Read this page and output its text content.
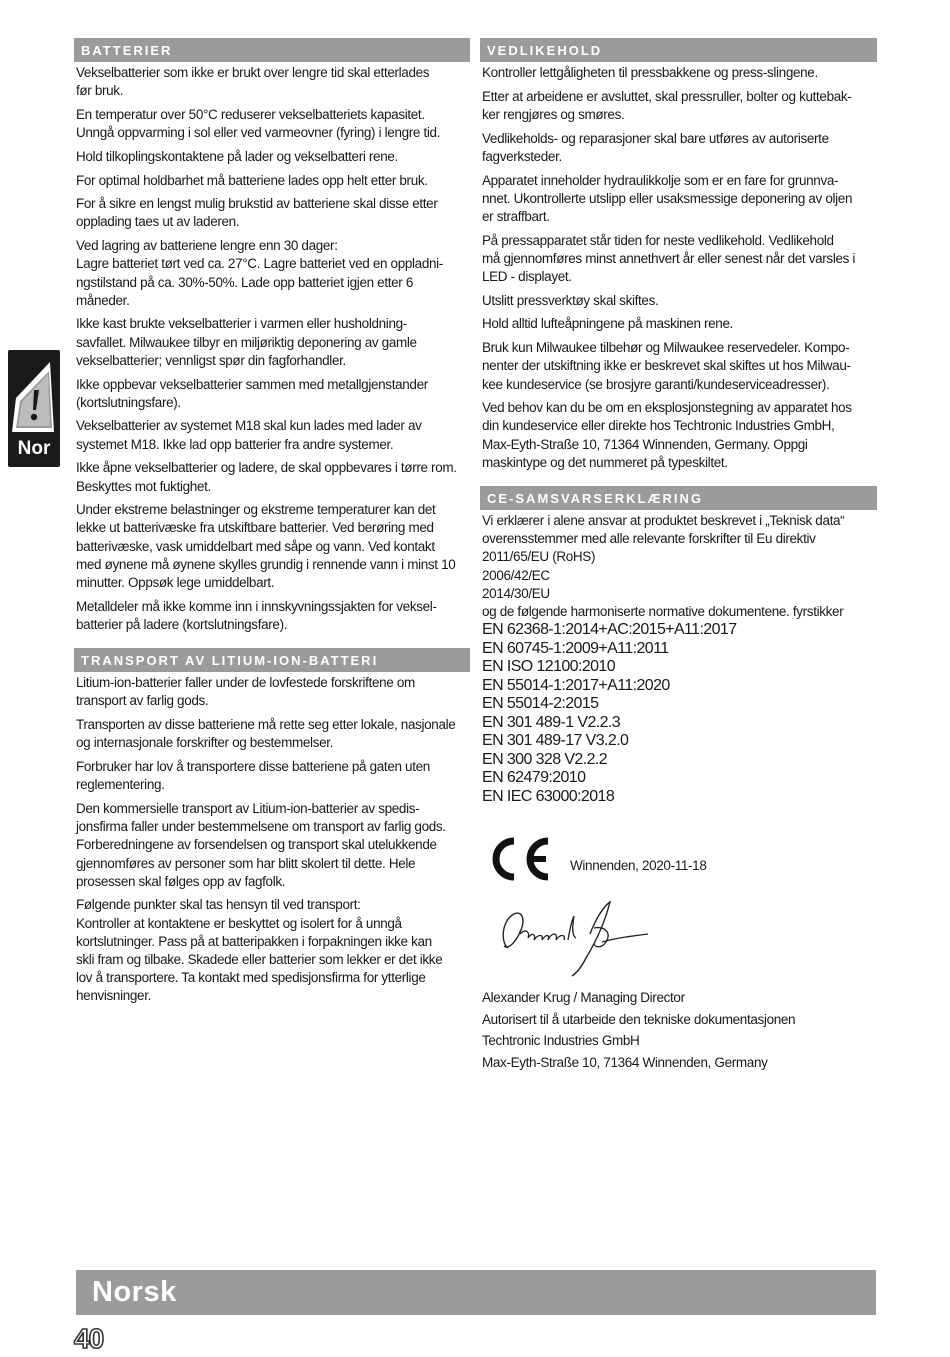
Nor
BATTERIER

Vekselbatterier som ikke er brukt over lengre tid skal etterlades
før bruk.

En temperatur over 50°C reduserer vekselbatteriets kapasitet.
Unngå oppvarming i sol eller ved varmeovner (fyring) i lengre tid.

Hold tilkoplingskontaktene på lader og vekselbatteri rene.

For optimal holdbarhet må batteriene lades opp helt etter bruk.

For å sikre en lengst mulig brukstid av batteriene skal disse etter
opplading taes ut av laderen.

Ved lagring av batteriene lengre enn 30 dager:
Lagre batteriet tørt ved ca. 27°C. Lagre batteriet ved en oppladni-
ngstilstand på ca. 30%-50%. Lade opp batteriet igjen etter 6
måneder.

Ikke kast brukte vekselbatterier i varmen eller husholdning-
savfallet. Milwaukee tilbyr en miljøriktig deponering av gamle
vekselbatterier; vennligst spør din fagforhandler.

Ikke oppbevar vekselbatterier sammen med metallgjenstander
(kortslutningsfare).

Vekselbatterier av systemet M18 skal kun lades med lader av
systemet M18. Ikke lad opp batterier fra andre systemer.

Ikke åpne vekselbatterier og ladere, de skal oppbevares i tørre rom.
Beskyttes mot fuktighet.

Under ekstreme belastninger og ekstreme temperaturer kan det
lekke ut batterivæske fra utskiftbare batterier. Ved berøring med
batterivæske, vask umiddelbart med såpe og vann. Ved kontakt
med øynene må øynene skylles grundig i rennende vann i minst 10
minutter. Oppsøk lege umiddelbart.

Metalldeler må ikke komme inn i innskyvningssjakten for veksel-
batterier på ladere (kortslutningsfare).

TRANSPORT AV LITIUM-ION-BATTERI

Litium-ion-batterier faller under de lovfestede forskriftene om
transport av farlig gods.

Transporten av disse batteriene må rette seg etter lokale, nasjonale
og internasjonale forskrifter og bestemmelser.

Forbruker har lov å transportere disse batteriene på gaten uten
reglementering.

Den kommersielle transport av Litium-ion-batterier av spedis-
jonsfirma faller under bestemmelsene om transport av farlig gods.
Forberedningene av forsendelsen og transport skal utelukkende
gjennomføres av personer som har blitt skolert til dette. Hele
prosessen skal følges opp av fagfolk.

Følgende punkter skal tas hensyn til ved transport:
Kontroller at kontaktene er beskyttet og isolert for å unngå
kortslutninger. Pass på at batteripakken i forpakningen ikke kan
skli fram og tilbake. Skadede eller batterier som lekker er det ikke
lov å transportere. Ta kontakt med spedisjonsfirma for ytterlige
henvisninger.

VEDLIKEHOLD

Kontroller lettgåligheten til pressbakkene og press-slingene.

Etter at arbeidene er avsluttet, skal pressruller, bolter og kuttebak-
ker rengjøres og smøres.

Vedlikeholds- og reparasjoner skal bare utføres av autoriserte
fagverksteder.

Apparatet inneholder hydraulikkolje som er en fare for grunnva-
nnet. Ukontrollerte utslipp eller usaksmessige deponering av oljen
er straffbart.

På pressapparatet står tiden for neste vedlikehold. Vedlikehold
må gjennomføres minst annethvert år eller senest når det varsles i
LED - displayet.

Utslitt pressverktøy skal skiftes.

Hold alltid lufteåpningene på maskinen rene.

Bruk kun Milwaukee tilbehør og Milwaukee reservedeler. Kompo-
nenter der utskiftning ikke er beskrevet skal skiftes ut hos Milwau-
kee kundeservice (se brosjyre garanti/kundeserviceadresser).

Ved behov kan du be om en eksplosjonstegning av apparatet hos
din kundeservice eller direkte hos Techtronic Industries GmbH,
Max-Eyth-Straße 10, 71364 Winnenden, Germany. Oppgi
maskintype og det nummeret på typeskiltet.

CE-SAMSVARSERKLÆRING
Vi erklærer i alene ansvar at produktet beskrevet i „Teknisk data“
overensstemmer med alle relevante forskrifter til Eu direktiv
2011/65/EU (RoHS)
2006/42/EC
2014/30/EU
og de følgende harmoniserte normative dokumentene. fyrstikker
EN 62368-1:2014+AC:2015+A11:2017
EN 60745-1:2009+A11:2011
EN ISO 12100:2010
EN 55014-1:2017+A11:2020
EN 55014-2:2015
EN 301 489-1 V2.2.3
EN 301 489-17 V3.2.0
EN 300 328 V2.2.2
EN 62479:2010
EN IEC 63000:2018
Winnenden, 2020-11-18
Alexander Krug / Managing Director
Autorisert til å utarbeide den tekniske dokumentasjonen
Techtronic Industries GmbH
Max-Eyth-Straße 10, 71364 Winnenden, Germany
Norsk
40
